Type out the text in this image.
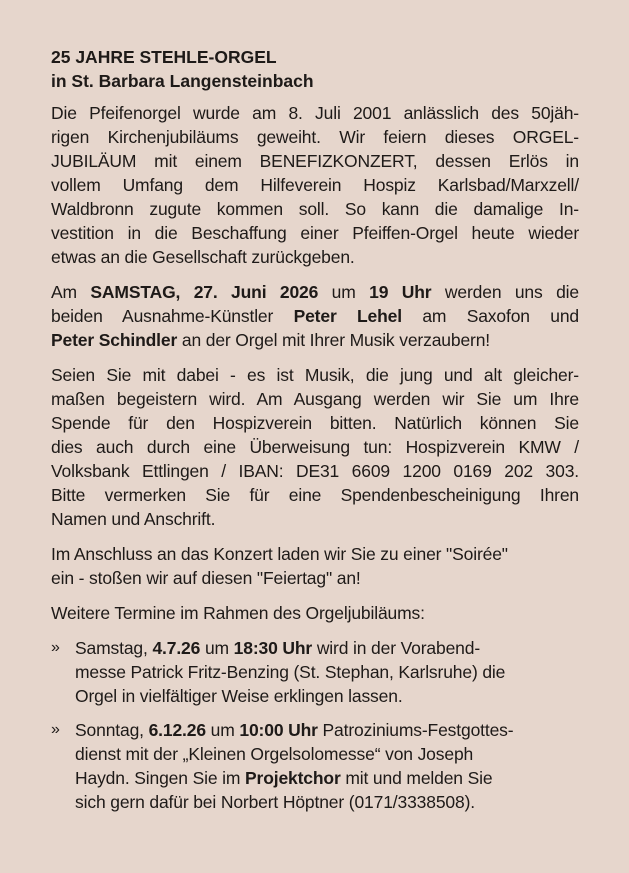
25 JAHRE STEHLE-ORGEL
in St. Barbara Langensteinbach

Die Pfeifenorgel wurde am 8. Juli 2001 anlässlich des 50jäh-
rigen Kirchenjubiläums geweiht. Wir feiern dieses ORGEL-
JUBILÄUM mit einem BENEFIZKONZERT, dessen Erlös in
vollem Umfang dem Hilfeverein Hospiz Karlsbad/Marxzell/
Waldbronn zugute kommen soll. So kann die damalige In-
vestition in die Beschaffung einer Pfeiffen-Orgel heute wieder
etwas an die Gesellschaft zurückgeben.

Am SAMSTAG, 27. Juni 2026 um 19 Uhr werden uns die
beiden Ausnahme-Künstler Peter Lehel am Saxofon und
Peter Schindler an der Orgel mit Ihrer Musik verzaubern!

Seien Sie mit dabei - es ist Musik, die jung und alt gleicher-
maßen begeistern wird. Am Ausgang werden wir Sie um Ihre
Spende für den Hospizverein bitten. Natürlich können Sie
dies auch durch eine Überweisung tun: Hospizverein KMW /
Volksbank Ettlingen / IBAN: DE31 6609 1200 0169 202 303.
Bitte vermerken Sie für eine Spendenbescheinigung Ihren
Namen und Anschrift.

Im Anschluss an das Konzert laden wir Sie zu einer "Soirée"
ein - stoßen wir auf diesen "Feiertag" an!

Weitere Termine im Rahmen des Orgeljubiläums:

» Samstag, 4.7.26 um 18:30 Uhr wird in der Vorabend-
messe Patrick Fritz-Benzing (St. Stephan, Karlsruhe) die
Orgel in vielfältiger Weise erklingen lassen.
» Sonntag, 6.12.26 um 10:00 Uhr Patroziniums-Festgottes-
dienst mit der „Kleinen Orgelsolomesse“ von Joseph
Haydn. Singen Sie im Projektchor mit und melden Sie
sich gern dafür bei Norbert Höptner (0171/3338508).
